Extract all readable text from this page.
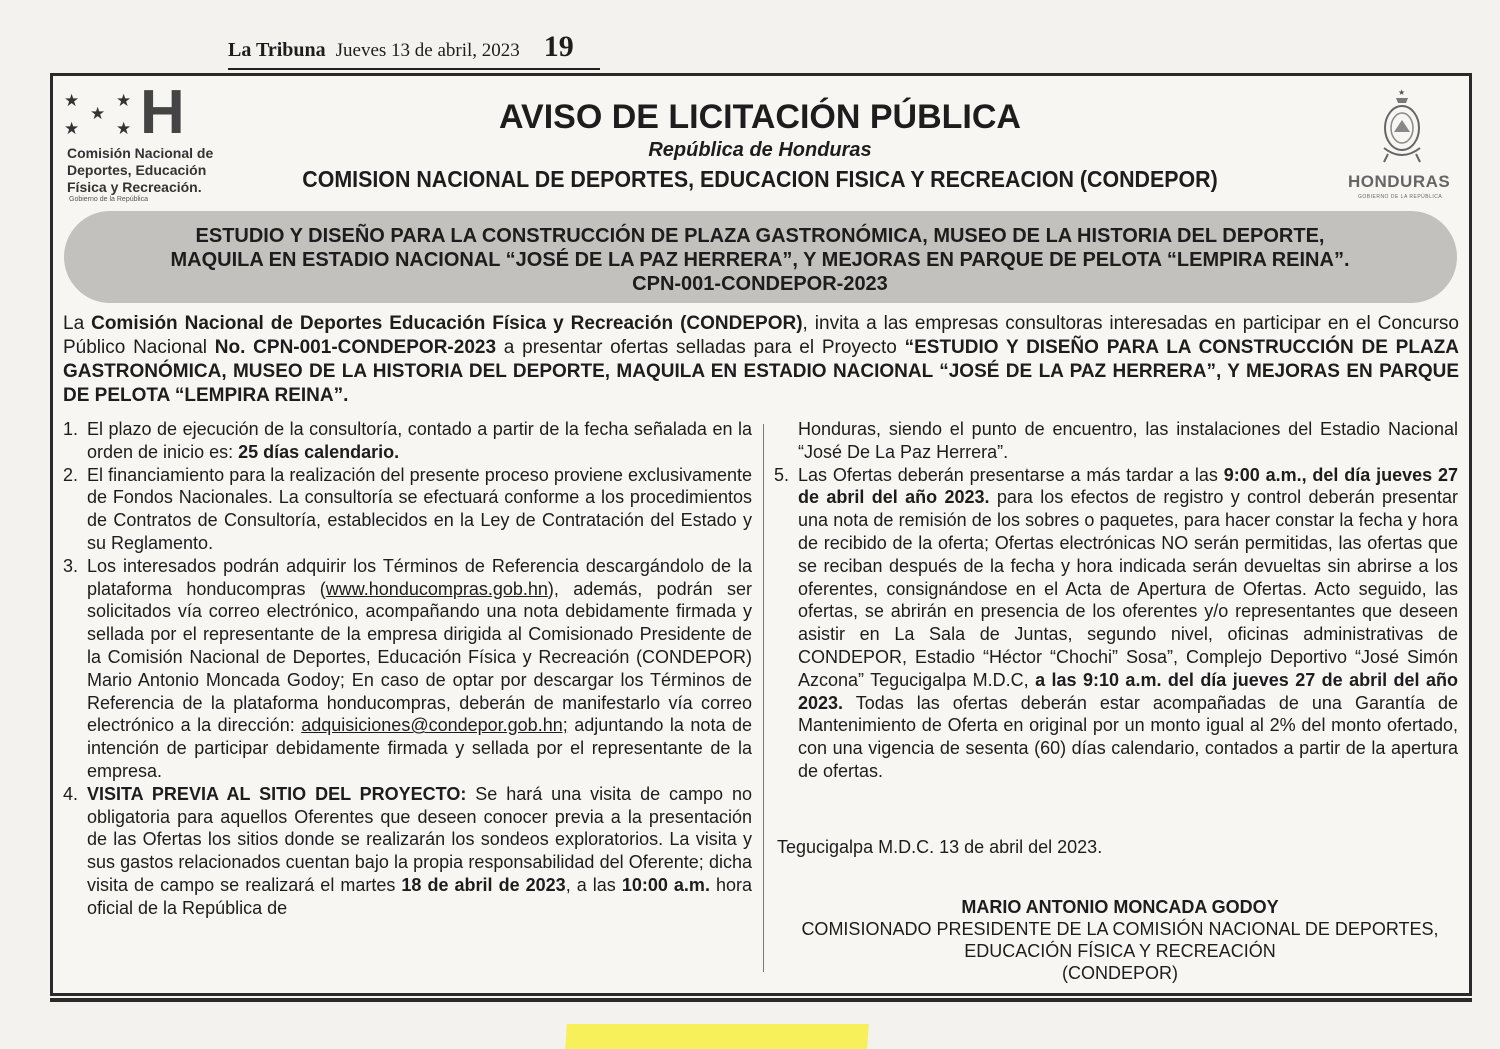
La Tribuna Jueves 13 de abril, 2023 19
★ ★
★
★ ★ H
Comisión Nacional de
Deportes, Educación
Física y Recreación.
Gobierno de la República
★
HONDURAS
GOBIERNO DE LA REPÚBLICA
AVISO DE LICITACIÓN PÚBLICA
República de Honduras
COMISION NACIONAL DE DEPORTES, EDUCACION FISICA Y RECREACION (CONDEPOR)
ESTUDIO Y DISEÑO PARA LA CONSTRUCCIÓN DE PLAZA GASTRONÓMICA, MUSEO DE LA HISTORIA DEL DEPORTE,
MAQUILA EN ESTADIO NACIONAL “JOSÉ DE LA PAZ HERRERA”, Y MEJORAS EN PARQUE DE PELOTA “LEMPIRA REINA”.
CPN-001-CONDEPOR-2023
La Comisión Nacional de Deportes Educación Física y Recreación (CONDEPOR), invita a las empresas consultoras interesadas en participar en el Concurso Público Nacional No. CPN-001-CONDEPOR-2023 a presentar ofertas selladas para el Proyecto “ESTUDIO Y DISEÑO PARA LA CONSTRUCCIÓN DE PLAZA GASTRONÓMICA, MUSEO DE LA HISTORIA DEL DEPORTE, MAQUILA EN ESTADIO NACIONAL “JOSÉ DE LA PAZ HERRERA”, Y MEJORAS EN PARQUE DE PELOTA “LEMPIRA REINA”.
1. El plazo de ejecución de la consultoría, contado a partir de la fecha señalada en la orden de inicio es: 25 días calendario.
2. El financiamiento para la realización del presente proceso proviene exclusivamente de Fondos Nacionales. La consultoría se efectuará conforme a los procedimientos de Contratos de Consultoría, establecidos en la Ley de Contratación del Estado y su Reglamento.
3. Los interesados podrán adquirir los Términos de Referencia descargándolo de la plataforma honducompras (www.honducompras.gob.hn), además, podrán ser solicitados vía correo electrónico, acompañando una nota debidamente firmada y sellada por el representante de la empresa dirigida al Comisionado Presidente de la Comisión Nacional de Deportes, Educación Física y Recreación (CONDEPOR) Mario Antonio Moncada Godoy; En caso de optar por descargar los Términos de Referencia de la plataforma honducompras, deberán de manifestarlo vía correo electrónico a la dirección: adquisiciones@condepor.gob.hn; adjuntando la nota de intención de participar debidamente firmada y sellada por el representante de la empresa.
4. VISITA PREVIA AL SITIO DEL PROYECTO: Se hará una visita de campo no obligatoria para aquellos Oferentes que deseen conocer previa a la presentación de las Ofertas los sitios donde se realizarán los sondeos exploratorios. La visita y sus gastos relacionados cuentan bajo la propia responsabilidad del Oferente; dicha visita de campo se realizará el martes 18 de abril de 2023, a las 10:00 a.m. hora oficial de la República de
Honduras, siendo el punto de encuentro, las instalaciones del Estadio Nacional “José De La Paz Herrera”.
5. Las Ofertas deberán presentarse a más tardar a las 9:00 a.m., del día jueves 27 de abril del año 2023. para los efectos de registro y control deberán presentar una nota de remisión de los sobres o paquetes, para hacer constar la fecha y hora de recibido de la oferta; Ofertas electrónicas NO serán permitidas, las ofertas que se reciban después de la fecha y hora indicada serán devueltas sin abrirse a los oferentes, consignándose en el Acta de Apertura de Ofertas. Acto seguido, las ofertas, se abrirán en presencia de los oferentes y/o representantes que deseen asistir en La Sala de Juntas, segundo nivel, oficinas administrativas de CONDEPOR, Estadio “Héctor “Chochi” Sosa”, Complejo Deportivo “José Simón Azcona” Tegucigalpa M.D.C, a las 9:10 a.m. del día jueves 27 de abril del año 2023. Todas las ofertas deberán estar acompañadas de una Garantía de Mantenimiento de Oferta en original por un monto igual al 2% del monto ofertado, con una vigencia de sesenta (60) días calendario, contados a partir de la apertura de ofertas.
Tegucigalpa M.D.C. 13 de abril del 2023.
MARIO ANTONIO MONCADA GODOY
COMISIONADO PRESIDENTE DE LA COMISIÓN NACIONAL DE DEPORTES,
EDUCACIÓN FÍSICA Y RECREACIÓN
(CONDEPOR)
